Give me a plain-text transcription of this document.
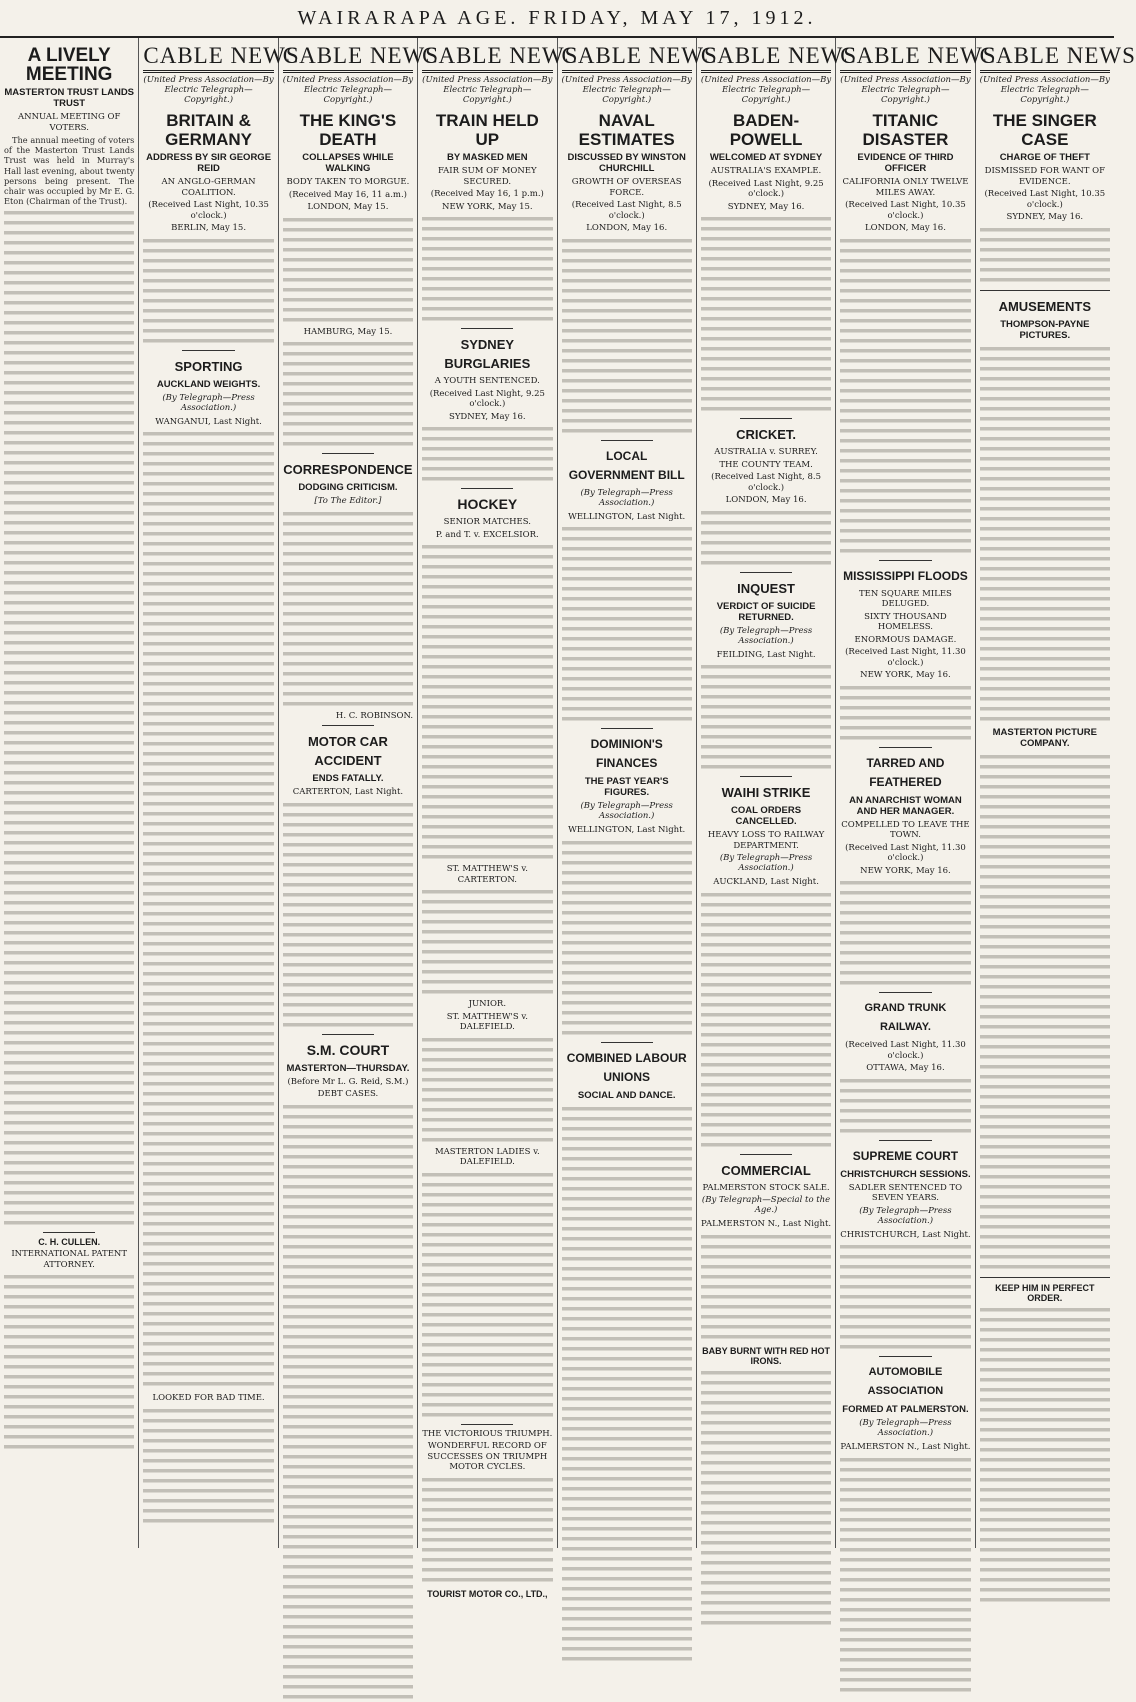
WAIRARAPA AGE. FRIDAY, MAY 17, 1912.
A LIVELY MEETING
MASTERTON TRUST LANDS TRUST
ANNUAL MEETING OF VOTERS.

The annual meeting of voters of the Masterton Trust Lands Trust was held in Murray's Hall last evening, about twenty persons being present. The chair was occupied by Mr E. G. Eton (Chairman of the Trust).

C. H. CULLEN.
INTERNATIONAL PATENT ATTORNEY.
CABLE NEWS
(United Press Association—By Electric Telegraph—Copyright.)
BRITAIN & GERMANY
ADDRESS BY SIR GEORGE REID
AN ANGLO-GERMAN COALITION.
(Received Last Night, 10.35 o'clock.)
BERLIN, May 15.
SPORTING
AUCKLAND WEIGHTS.
(By Telegraph—Press Association.)
WANGANUI, Last Night.
LOOKED FOR BAD TIME.
CABLE NEWS
(United Press Association—By Electric Telegraph—Copyright.)
THE KING'S DEATH
COLLAPSES WHILE WALKING
BODY TAKEN TO MORGUE.
(Received May 16, 11 a.m.)
LONDON, May 15.
HAMBURG, May 15.
CORRESPONDENCE
DODGING CRITICISM.
[To The Editor.]
H. C. ROBINSON.
MOTOR CAR ACCIDENT
ENDS FATALLY.
CARTERTON, Last Night.
S.M. COURT
MASTERTON—THURSDAY.
(Before Mr L. G. Reid, S.M.)
DEBT CASES.
CABLE NEWS
(United Press Association—By Electric Telegraph—Copyright.)
TRAIN HELD UP
BY MASKED MEN
FAIR SUM OF MONEY SECURED.
(Received May 16, 1 p.m.)
NEW YORK, May 15.
SYDNEY BURGLARIES
A YOUTH SENTENCED.
(Received Last Night, 9.25 o'clock.)
SYDNEY, May 16.
HOCKEY
SENIOR MATCHES.
P. and T. v. EXCELSIOR.
ST. MATTHEW'S v. CARTERTON.
JUNIOR.
ST. MATTHEW'S v. DALEFIELD.
MASTERTON LADIES v. DALEFIELD.
THE VICTORIOUS TRIUMPH.
WONDERFUL RECORD OF SUCCESSES ON TRIUMPH MOTOR CYCLES.
TOURIST MOTOR CO., LTD.,
CABLE NEWS
(United Press Association—By Electric Telegraph—Copyright.)
NAVAL ESTIMATES
DISCUSSED BY WINSTON CHURCHILL
GROWTH OF OVERSEAS FORCE.
(Received Last Night, 8.5 o'clock.)
LONDON, May 16.
LOCAL GOVERNMENT BILL
(By Telegraph—Press Association.)
WELLINGTON, Last Night.
DOMINION'S FINANCES
THE PAST YEAR'S FIGURES.
(By Telegraph—Press Association.)
WELLINGTON, Last Night.
COMBINED LABOUR UNIONS
SOCIAL AND DANCE.
CABLE NEWS
(United Press Association—By Electric Telegraph—Copyright.)
BADEN-POWELL
WELCOMED AT SYDNEY
AUSTRALIA'S EXAMPLE.
(Received Last Night, 9.25 o'clock.)
SYDNEY, May 16.
CRICKET.
AUSTRALIA v. SURREY.
THE COUNTY TEAM.
(Received Last Night, 8.5 o'clock.)
LONDON, May 16.
INQUEST
VERDICT OF SUICIDE RETURNED.
(By Telegraph—Press Association.)
FEILDING, Last Night.
WAIHI STRIKE
COAL ORDERS CANCELLED.
HEAVY LOSS TO RAILWAY DEPARTMENT.
(By Telegraph—Press Association.)
AUCKLAND, Last Night.
COMMERCIAL
PALMERSTON STOCK SALE.
(By Telegraph—Special to the Age.)
PALMERSTON N., Last Night.
BABY BURNT WITH RED HOT IRONS.
CABLE NEWS
(United Press Association—By Electric Telegraph—Copyright.)
TITANIC DISASTER
EVIDENCE OF THIRD OFFICER
CALIFORNIA ONLY TWELVE MILES AWAY.
(Received Last Night, 10.35 o'clock.)
LONDON, May 16.
MISSISSIPPI FLOODS
TEN SQUARE MILES DELUGED.
SIXTY THOUSAND HOMELESS.
ENORMOUS DAMAGE.
(Received Last Night, 11.30 o'clock.)
NEW YORK, May 16.
TARRED AND FEATHERED
AN ANARCHIST WOMAN AND HER MANAGER.
COMPELLED TO LEAVE THE TOWN.
(Received Last Night, 11.30 o'clock.)
NEW YORK, May 16.
GRAND TRUNK RAILWAY.
(Received Last Night, 11.30 o'clock.)
OTTAWA, May 16.
SUPREME COURT
CHRISTCHURCH SESSIONS.
SADLER SENTENCED TO SEVEN YEARS.
(By Telegraph—Press Association.)
CHRISTCHURCH, Last Night.
AUTOMOBILE ASSOCIATION
FORMED AT PALMERSTON.
(By Telegraph—Press Association.)
PALMERSTON N., Last Night.
CABLE NEWS
(United Press Association—By Electric Telegraph—Copyright.)
THE SINGER CASE
CHARGE OF THEFT
DISMISSED FOR WANT OF EVIDENCE.
(Received Last Night, 10.35 o'clock.)
SYDNEY, May 16.
AMUSEMENTS
THOMPSON-PAYNE PICTURES.
MASTERTON PICTURE COMPANY.
KEEP HIM IN PERFECT ORDER.
